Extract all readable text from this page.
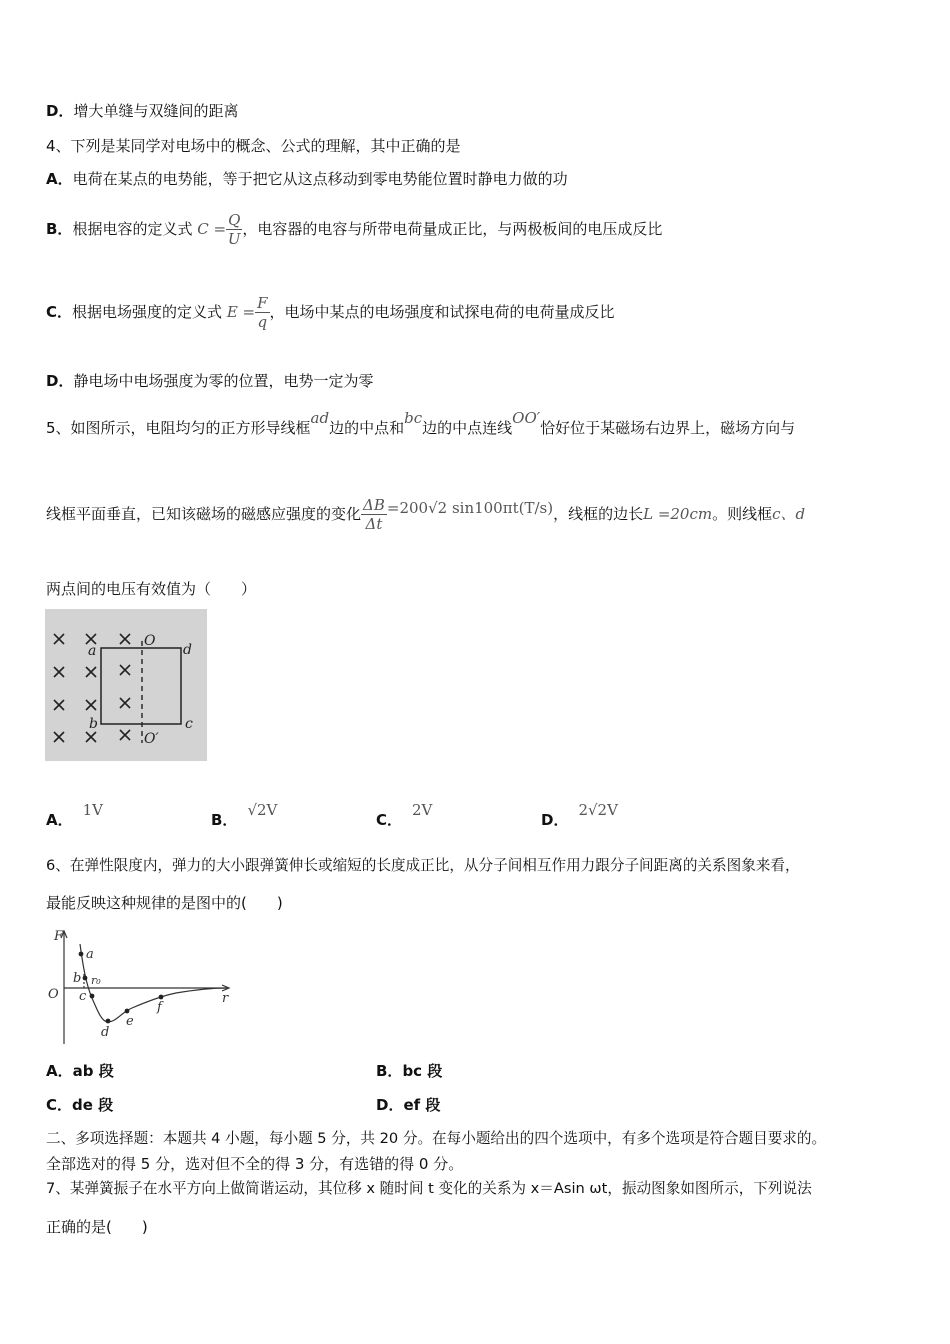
D．增大单缝与双缝间的距离
4、下列是某同学对电场中的概念、公式的理解，其中正确的是
A．电荷在某点的电势能，等于把它从这点移动到零电势能位置时静电力做的功
B．根据电容的定义式 $C = \frac{Q}{U}$ ，电容器的电容与所带电荷量成正比，与两极板间的电压成反比
C．根据电场强度的定义式 $E = \frac{F}{q}$ ，电场中某点的电场强度和试探电荷的电荷量成反比
D．静电场中电场强度为零的位置，电势一定为零
5、如图所示，电阻均匀的正方形导线框ad边的中点和bc边的中点连线OO′恰好位于某磁场右边界上，磁场方向与
线框平面垂直，已知该磁场的磁感应强度的变化 $\frac{\Delta B}{\Delta t} =200√2$ sin100πt(T/s)，线框的边长L =20cm。则线框c、d
两点间的电压有效值为（　　）
O
O′
a	d
b	c
A．1V
B．√2V
C．2V
D．2√2V
6、在弹性限度内，弹力的大小跟弹簧伸长或缩短的长度成正比，从分子间相互作用力跟分子间距离的关系图象来看，
最能反映这种规律的是图中的(　　)
F
r
O
a
b r₀
c
d
e
f
A．ab 段	B．bc 段
C．de 段	D．ef 段
二、多项选择题：本题共 4 小题，每小题 5 分，共 20 分。在每小题给出的四个选项中，有多个选项是符合题目要求的。
全部选对的得 5 分，选对但不全的得 3 分，有选错的得 0 分。
7、某弹簧振子在水平方向上做简谐运动，其位移 x 随时间 t 变化的关系为 x＝Asin ωt，振动图象如图所示，下列说法
正确的是(　　)
